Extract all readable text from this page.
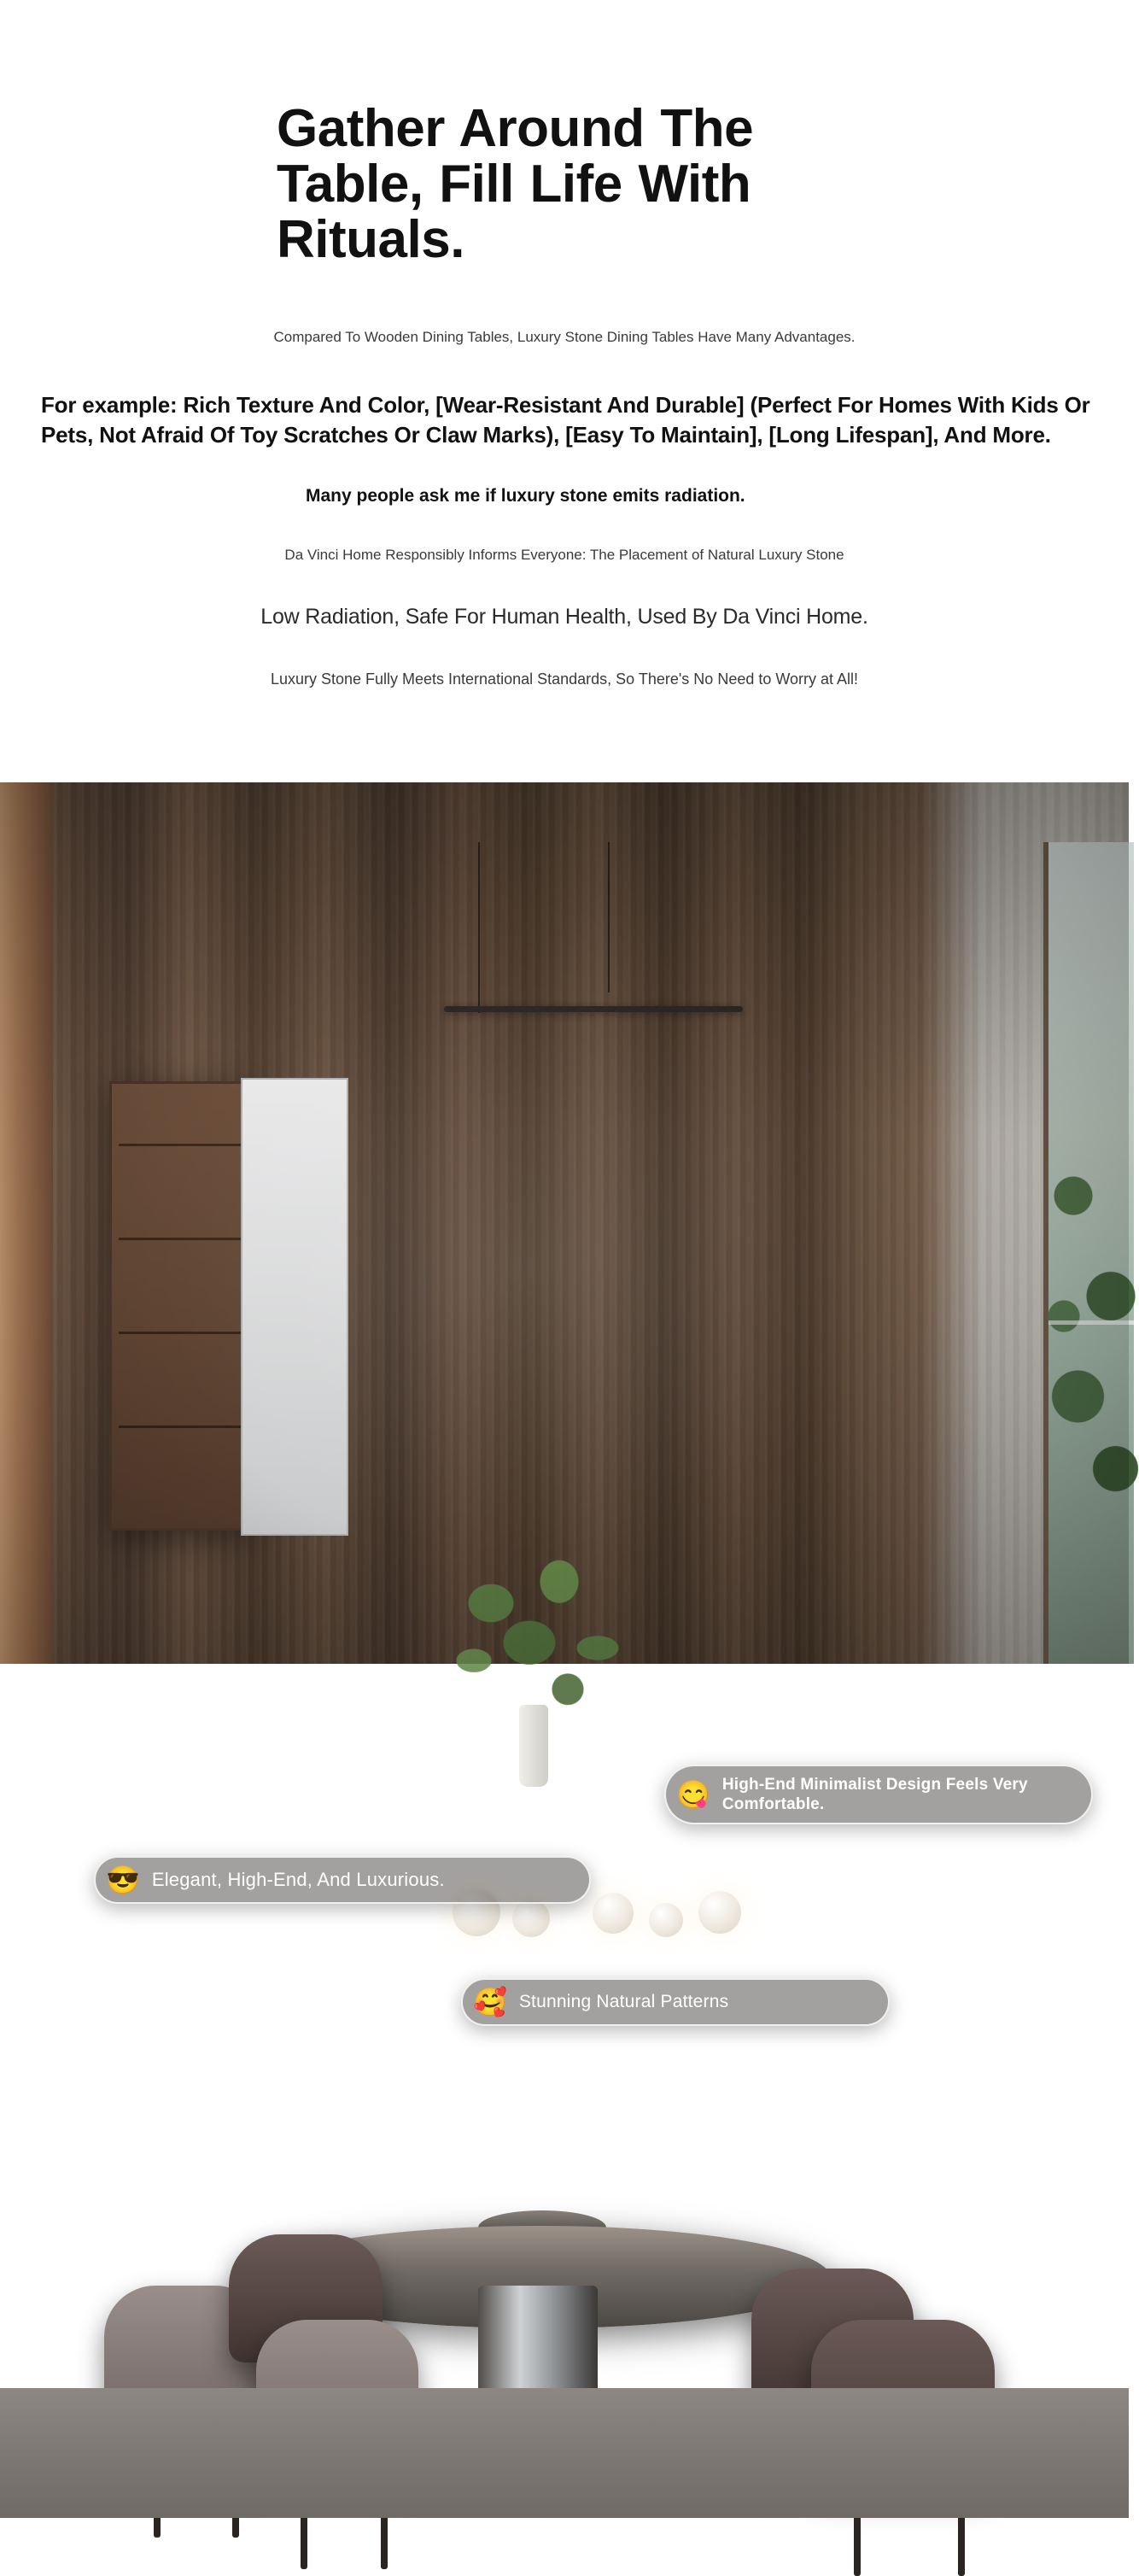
Gather Around The Table, Fill Life With Rituals.

Compared To Wooden Dining Tables, Luxury Stone Dining Tables Have Many Advantages.

For example: Rich Texture And Color, [Wear-Resistant And Durable] (Perfect For Homes With Kids Or Pets, Not Afraid Of Toy Scratches Or Claw Marks), [Easy To Maintain], [Long Lifespan], And More.

Many people ask me if luxury stone emits radiation.

Da Vinci Home Responsibly Informs Everyone: The Placement of Natural Luxury Stone

Low Radiation, Safe For Human Health, Used By Da Vinci Home.

Luxury Stone Fully Meets International Standards, So There's No Need to Worry at All!

😋 High-End Minimalist Design Feels Very Comfortable.
😎 Elegant, High-End, And Luxurious.
🥰 Stunning Natural Patterns
